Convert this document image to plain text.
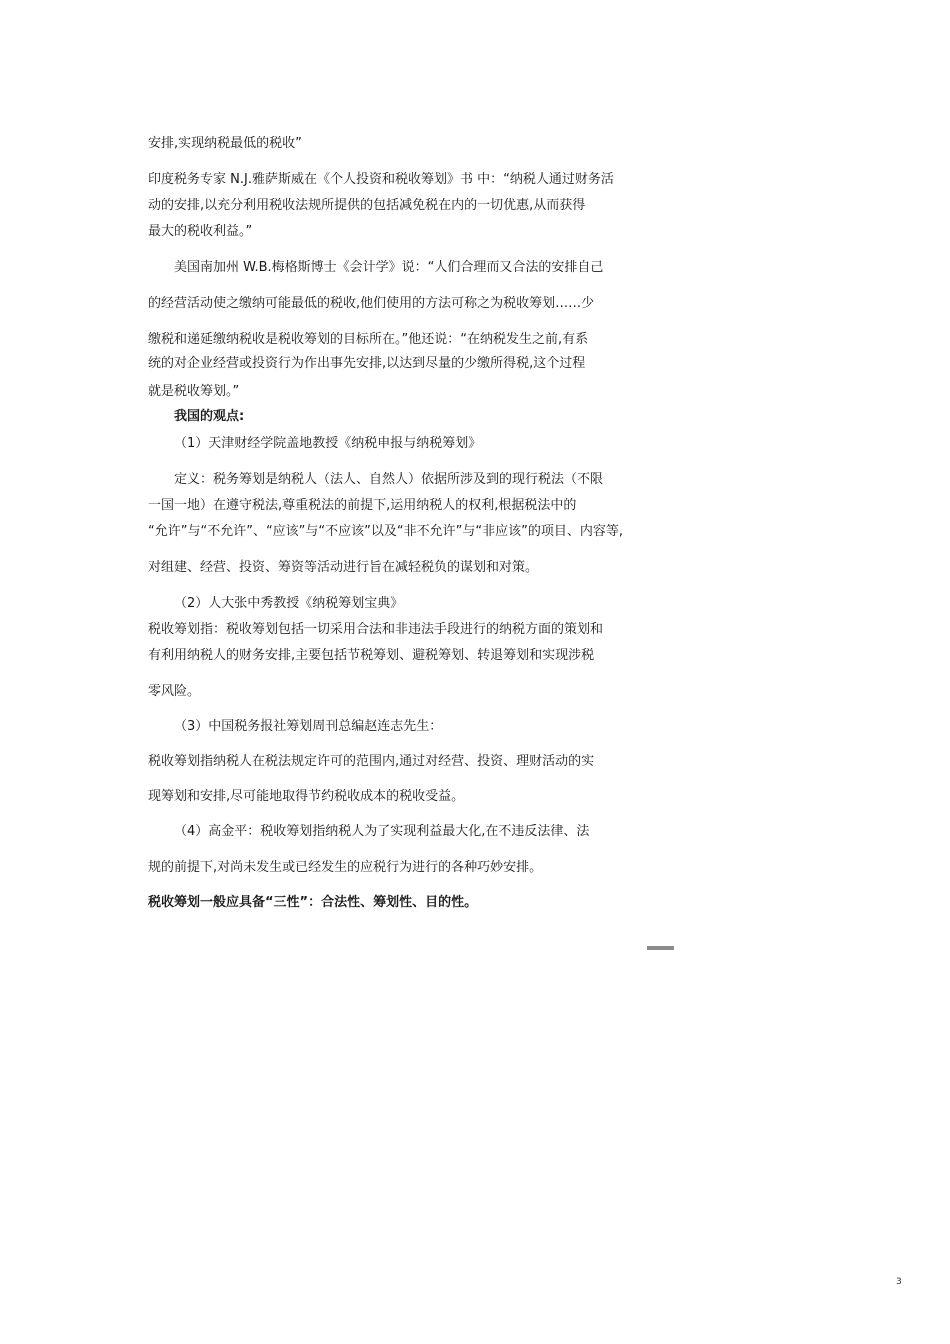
安排,实现纳税最低的税收”
印度税务专家 N.J.雅萨斯威在《个人投资和税收筹划》书 中：“纳税人通过财务活
动的安排,以充分利用税收法规所提供的包括减免税在内的一切优惠,从而获得
最大的税收利益。”
美国南加州 W.B.梅格斯博士《会计学》说：“人们合理而又合法的安排自己
的经营活动使之缴纳可能最低的税收,他们使用的方法可称之为税收筹划……少
缴税和递延缴纳税收是税收筹划的目标所在。”他还说：“在纳税发生之前,有系
统的对企业经营或投资行为作出事先安排,以达到尽量的少缴所得税,这个过程
就是税收筹划。”
我国的观点:
（1）天津财经学院盖地教授《纳税申报与纳税筹划》
定义：税务筹划是纳税人（法人、自然人）依据所涉及到的现行税法（不限
一国一地）在遵守税法,尊重税法的前提下,运用纳税人的权利,根据税法中的
“允许”与“不允许”、“应该”与“不应该”以及“非不允许”与“非应该”的项目、内容等,
对组建、经营、投资、筹资等活动进行旨在减轻税负的谋划和对策。
（2）人大张中秀教授《纳税筹划宝典》
税收筹划指：税收筹划包括一切采用合法和非违法手段进行的纳税方面的策划和
有利用纳税人的财务安排,主要包括节税筹划、避税筹划、转退筹划和实现涉税
零风险。
（3）中国税务报社筹划周刊总编赵连志先生：
税收筹划指纳税人在税法规定许可的范围内,通过对经营、投资、理财活动的实
现筹划和安排,尽可能地取得节约税收成本的税收受益。
（4）高金平：税收筹划指纳税人为了实现利益最大化,在不违反法律、法
规的前提下,对尚未发生或已经发生的应税行为进行的各种巧妙安排。
税收筹划一般应具备“三性”：合法性、筹划性、目的性。
3
